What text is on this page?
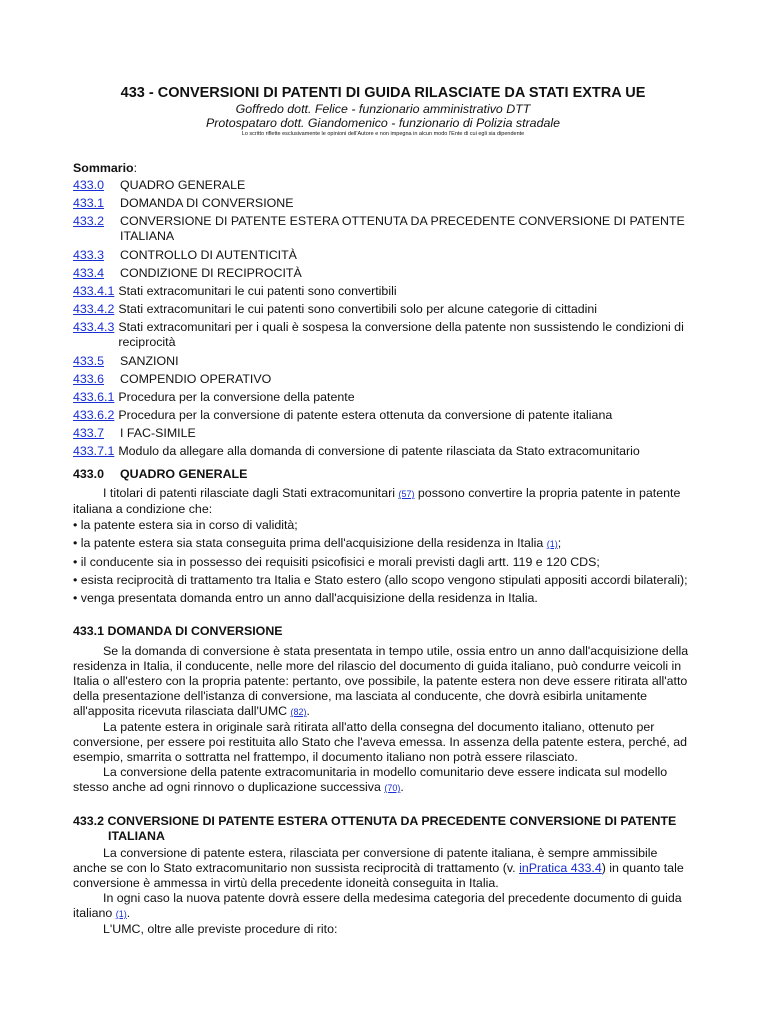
433 - CONVERSIONI DI PATENTI DI GUIDA RILASCIATE DA STATI EXTRA UE

Goffredo dott. Felice - funzionario amministrativo DTT

Protospataro dott. Giandomenico - funzionario di Polizia stradale

Lo scritto riflette esclusivamente le opinioni dell'Autore e non impegna in alcun modo l'Ente di cui egli sia dipendente

Sommario:
433.0	QUADRO GENERALE
433.1	DOMANDA DI CONVERSIONE
433.2	CONVERSIONE DI PATENTE ESTERA OTTENUTA DA PRECEDENTE CONVERSIONE DI PATENTE ITALIANA
433.3	CONTROLLO DI AUTENTICITÀ
433.4	CONDIZIONE DI RECIPROCITÀ
433.4.1 Stati extracomunitari le cui patenti sono convertibili
433.4.2 Stati extracomunitari le cui patenti sono convertibili solo per alcune categorie di cittadini
433.4.3 Stati extracomunitari per i quali è sospesa la conversione della patente non sussistendo le condizioni di reciprocità
433.5	SANZIONI
433.6	COMPENDIO OPERATIVO
433.6.1 Procedura per la conversione della patente
433.6.2 Procedura per la conversione di patente estera ottenuta da conversione di patente italiana
433.7	I FAC-SIMILE
433.7.1 Modulo da allegare alla domanda di conversione di patente rilasciata da Stato extracomunitario
433.0	QUADRO GENERALE

I titolari di patenti rilasciate dagli Stati extracomunitari (57) possono convertire la propria patente in patente italiana a condizione che:

• la patente estera sia in corso di validità;

• la patente estera sia stata conseguita prima dell'acquisizione della residenza in Italia (1);

• il conducente sia in possesso dei requisiti psicofisici e morali previsti dagli artt. 119 e 120 CDS;

• esista reciprocità di trattamento tra Italia e Stato estero (allo scopo vengono stipulati appositi accordi bilaterali);

• venga presentata domanda entro un anno dall'acquisizione della residenza in Italia.

433.1 DOMANDA DI CONVERSIONE

Se la domanda di conversione è stata presentata in tempo utile, ossia entro un anno dall'acquisizione della residenza in Italia, il conducente, nelle more del rilascio del documento di guida italiano, può condurre veicoli in Italia o all'estero con la propria patente: pertanto, ove possibile, la patente estera non deve essere ritirata all'atto della presentazione dell'istanza di conversione, ma lasciata al conducente, che dovrà esibirla unitamente all'apposita ricevuta rilasciata dall'UMC (82).

La patente estera in originale sarà ritirata all'atto della consegna del documento italiano, ottenuto per conversione, per essere poi restituita allo Stato che l'aveva emessa. In assenza della patente estera, perché, ad esempio, smarrita o sottratta nel frattempo, il documento italiano non potrà essere rilasciato.

La conversione della patente extracomunitaria in modello comunitario deve essere indicata sul modello stesso anche ad ogni rinnovo o duplicazione successiva (70).

433.2 CONVERSIONE DI PATENTE ESTERA OTTENUTA DA PRECEDENTE CONVERSIONE DI PATENTE ITALIANA

La conversione di patente estera, rilasciata per conversione di patente italiana, è sempre ammissibile anche se con lo Stato extracomunitario non sussista reciprocità di trattamento (v. inPratica 433.4) in quanto tale conversione è ammessa in virtù della precedente idoneità conseguita in Italia.

In ogni caso la nuova patente dovrà essere della medesima categoria del precedente documento di guida italiano (1).

L'UMC, oltre alle previste procedure di rito:
